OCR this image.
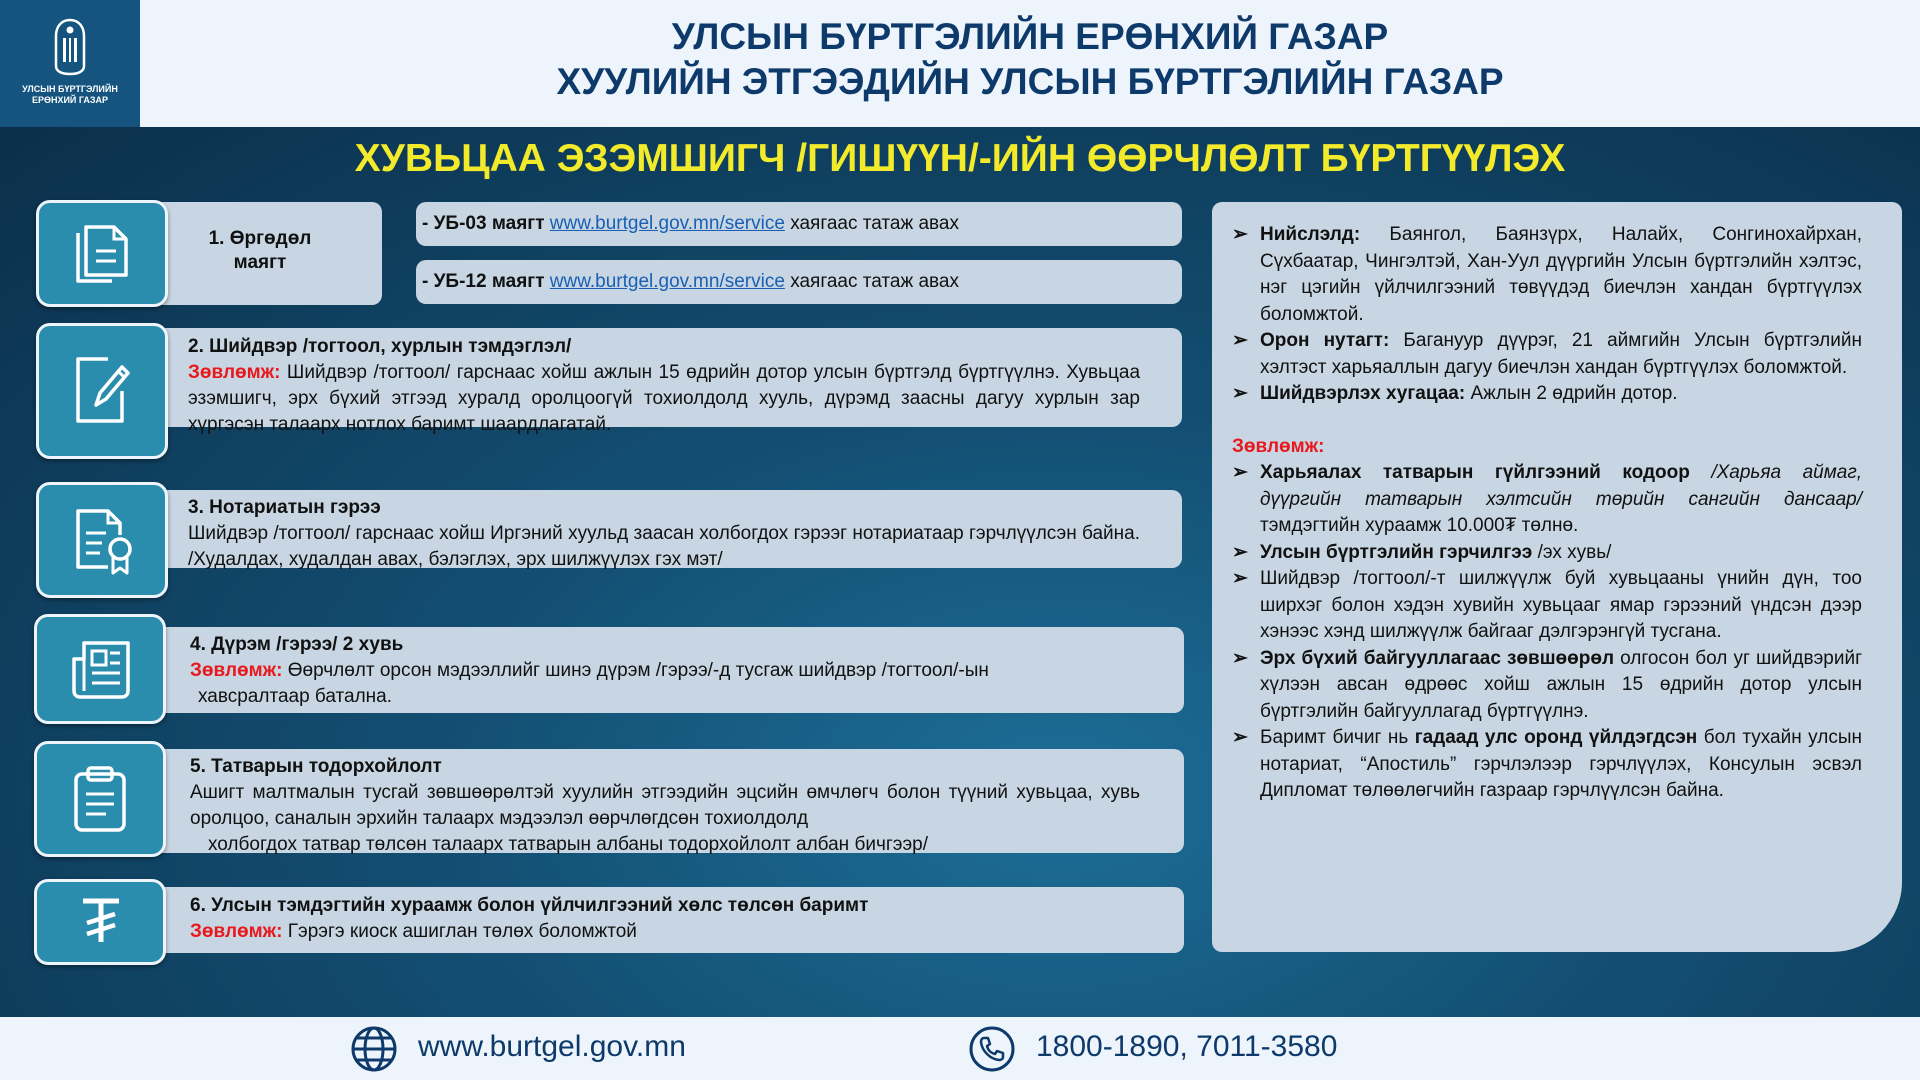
УЛСЫН БҮРТГЭЛИЙН
ЕРӨНХИЙ ГАЗАР
УЛСЫН БҮРТГЭЛИЙН ЕРӨНХИЙ ГАЗАР
ХУУЛИЙН ЭТГЭЭДИЙН УЛСЫН БҮРТГЭЛИЙН ГАЗАР
ХУВЬЦАА ЭЗЭМШИГЧ /ГИШҮҮН/-ИЙН ӨӨРЧЛӨЛТ БҮРТГҮҮЛЭХ
1. Өргөдөл маягт
- УБ-03 маягт www.burtgel.gov.mn/service хаягаас татаж авах
- УБ-12 маягт www.burtgel.gov.mn/service хаягаас татаж авах
2. Шийдвэр /тогтоол, хурлын тэмдэглэл/
Зөвлөмж: Шийдвэр /тогтоол/ гарснаас хойш ажлын 15 өдрийн дотор улсын бүртгэлд бүртгүүлнэ. Хувьцаа эзэмшигч, эрх бүхий этгээд хуралд оролцоогүй тохиолдолд хууль, дүрэмд заасны дагуу хурлын зар хүргэсэн талаарх нотлох баримт шаардлагатай.
3. Нотариатын гэрээ
Шийдвэр /тогтоол/ гарснаас хойш Иргэний хуульд заасан холбогдох гэрээг нотариатаар гэрчлүүлсэн байна. /Худалдах, худалдан авах, бэлэглэх, эрх шилжүүлэх гэх мэт/
4. Дүрэм /гэрээ/ 2 хувь
Зөвлөмж: Өөрчлөлт орсон мэдээллийг шинэ дүрэм /гэрээ/-д тусгаж шийдвэр /тогтоол/-ын
хавсралтаар баталнa.
5. Татварын тодорхойлолт
Ашигт малтмалын тусгай зөвшөөрөлтэй хуулийн этгээдийн эцсийн өмчлөгч болон түүний хувьцаа, хувь оролцоо, саналын эрхийн талаарх мэдээлэл өөрчлөгдсөн тохиолдолд
холбогдох татвар төлсөн талаарх татварын албаны тодорхойлолт албан бичгээр/
6. Улсын тэмдэгтийн хураамж болон үйлчилгээний хөлс төлсөн баримт
Зөвлөмж: Гэрэгэ киоск ашиглан төлөх боломжтой
➢ Нийслэлд: Баянгол, Баянзүрх, Налайх, Сонгинохайрхан, Сүхбаатар, Чингэлтэй, Хан-Уул дүүргийн Улсын бүртгэлийн хэлтэс, нэг цэгийн үйлчилгээний төвүүдэд биечлэн хандан бүртгүүлэх боломжтой.
➢ Орон нутагт: Багануур дүүрэг, 21 аймгийн Улсын бүртгэлийн хэлтэст харьяаллын дагуу биечлэн хандан бүртгүүлэх боломжтой.
➢ Шийдвэрлэх хугацаа: Ажлын 2 өдрийн дотор.
Зөвлөмж:
➢ Харьяалах татварын гүйлгээний кодоор /Харьяа аймаг, дүүргийн татварын хэлтсийн төрийн сангийн дансаар/ тэмдэгтийн хураамж 10.000₮ төлнө.
➢ Улсын бүртгэлийн гэрчилгээ /эх хувь/
➢ Шийдвэр /тогтоол/-т шилжүүлж буй хувьцааны үнийн дүн, тоо ширхэг болон хэдэн хувийн хувьцааг ямар гэрээний үндсэн дээр хэнээс хэнд шилжүүлж байгааг дэлгэрэнгүй тусгана.
➢ Эрх бүхий байгууллагаас зөвшөөрөл олгосон бол уг шийдвэрийг хүлээн авсан өдрөөс хойш ажлын 15 өдрийн дотор улсын бүртгэлийн байгууллагад бүртгүүлнэ.
➢ Баримт бичиг нь гадаад улс оронд үйлдэгдсэн бол тухайн улсын нотариат, “Апостиль” гэрчлэлээр гэрчлүүлэх, Консулын эсвэл Дипломат төлөөлөгчийн газраар гэрчлүүлсэн байна.
www.burtgel.gov.mn	1800-1890, 7011-3580
